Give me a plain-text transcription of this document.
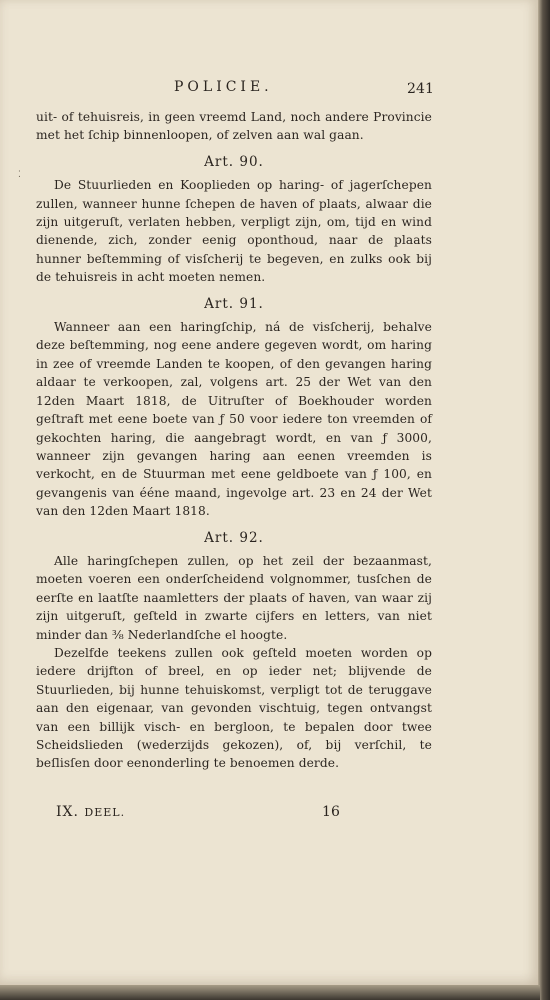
⁚
POLICIE.	241

uit- of tehuisreis, in geen vreemd Land, noch andere Provincie met het ſchip binnenloopen, of zelven aan wal gaan.

Art. 90.

De Stuurlieden en Kooplieden op haring- of jagerſchepen zullen, wanneer hunne ſchepen de haven of plaats, alwaar die zijn uitgeruſt, verlaten hebben, verpligt zijn, om, tijd en wind dienende, zich, zonder eenig oponthoud, naar de plaats hunner beſtemming of visſcherij te begeven, en zulks ook bij de tehuisreis in acht moeten nemen.

Art. 91.

Wanneer aan een haringſchip, ná de visſcherij, behalve deze beſtemming, nog eene andere gegeven wordt, om haring in zee of vreemde Landen te koopen, of den gevangen haring aldaar te verkoopen, zal, volgens art. 25 der Wet van den 12den Maart 1818, de Uitruſter of Boekhouder worden geſtraft met eene boete van ƒ 50 voor iedere ton vreemden of gekochten haring, die aangebragt wordt, en van ƒ 3000, wanneer zijn gevangen haring aan eenen vreemden is verkocht, en de Stuurman met eene geldboete van ƒ 100, en gevangenis van ééne maand, ingevolge art. 23 en 24 der Wet van den 12den Maart 1818.

Art. 92.

Alle haringſchepen zullen, op het zeil der bezaanmast, moeten voeren een onderſcheidend volgnommer, tusſchen de eerſte en laatſte naamletters der plaats of haven, van waar zij zijn uitgeruſt, geſteld in zwarte cijfers en letters, van niet minder dan ⅜ Nederlandſche el hoogte.

Dezelfde teekens zullen ook geſteld moeten worden op iedere drijfton of breel, en op ieder net; blijvende de Stuurlieden, bij hunne tehuiskomst, verpligt tot de teruggave aan den eigenaar, van gevonden vischtuig, tegen ontvangst van een billijk visch- en bergloon, te bepalen door twee Scheidslieden (wederzijds gekozen), of, bij verſchil, te beſlisſen door eenonderling te benoemen derde.

IX. DEEL.	16
